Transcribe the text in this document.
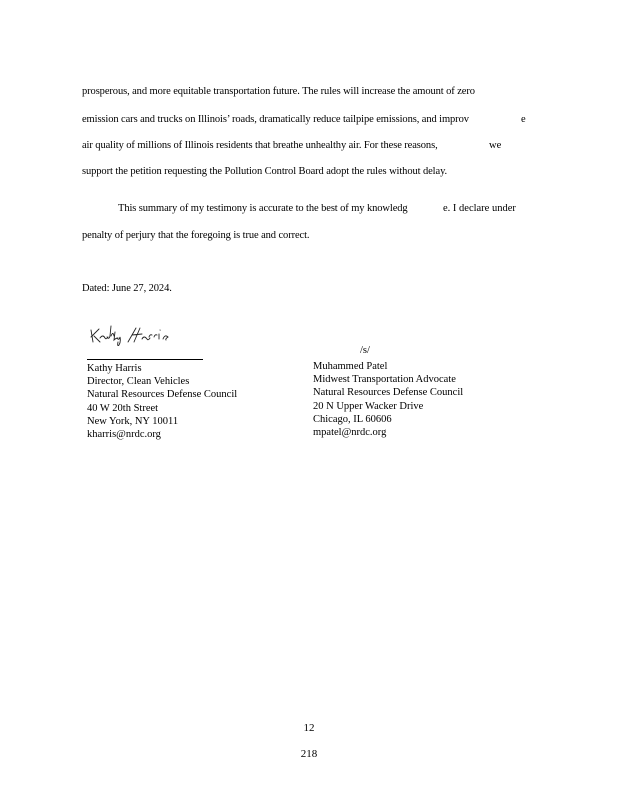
prosperous, and more equitable transportation future. The rules will increase the amount of zero
emission cars and trucks on Illinois’ roads, dramatically reduce tailpipe emissions, and improv	e
air quality of millions of Illinois residents that breathe unhealthy air. For these reasons,	we
support the petition requesting the Pollution Control Board adopt the rules without delay.
This summary of my testimony is accurate to the best of my knowledg	e. I declare under
penalty of perjury that the foregoing is true and correct.
Dated: June 27, 2024.
Kathy Harris
Director, Clean Vehicles
Natural Resources Defense Council
40 W 20th Street
New York, NY 10011
kharris@nrdc.org
/s/
Muhammed Patel
Midwest Transportation Advocate
Natural Resources Defense Council
20 N Upper Wacker Drive
Chicago, IL 60606
mpatel@nrdc.org
12
218
